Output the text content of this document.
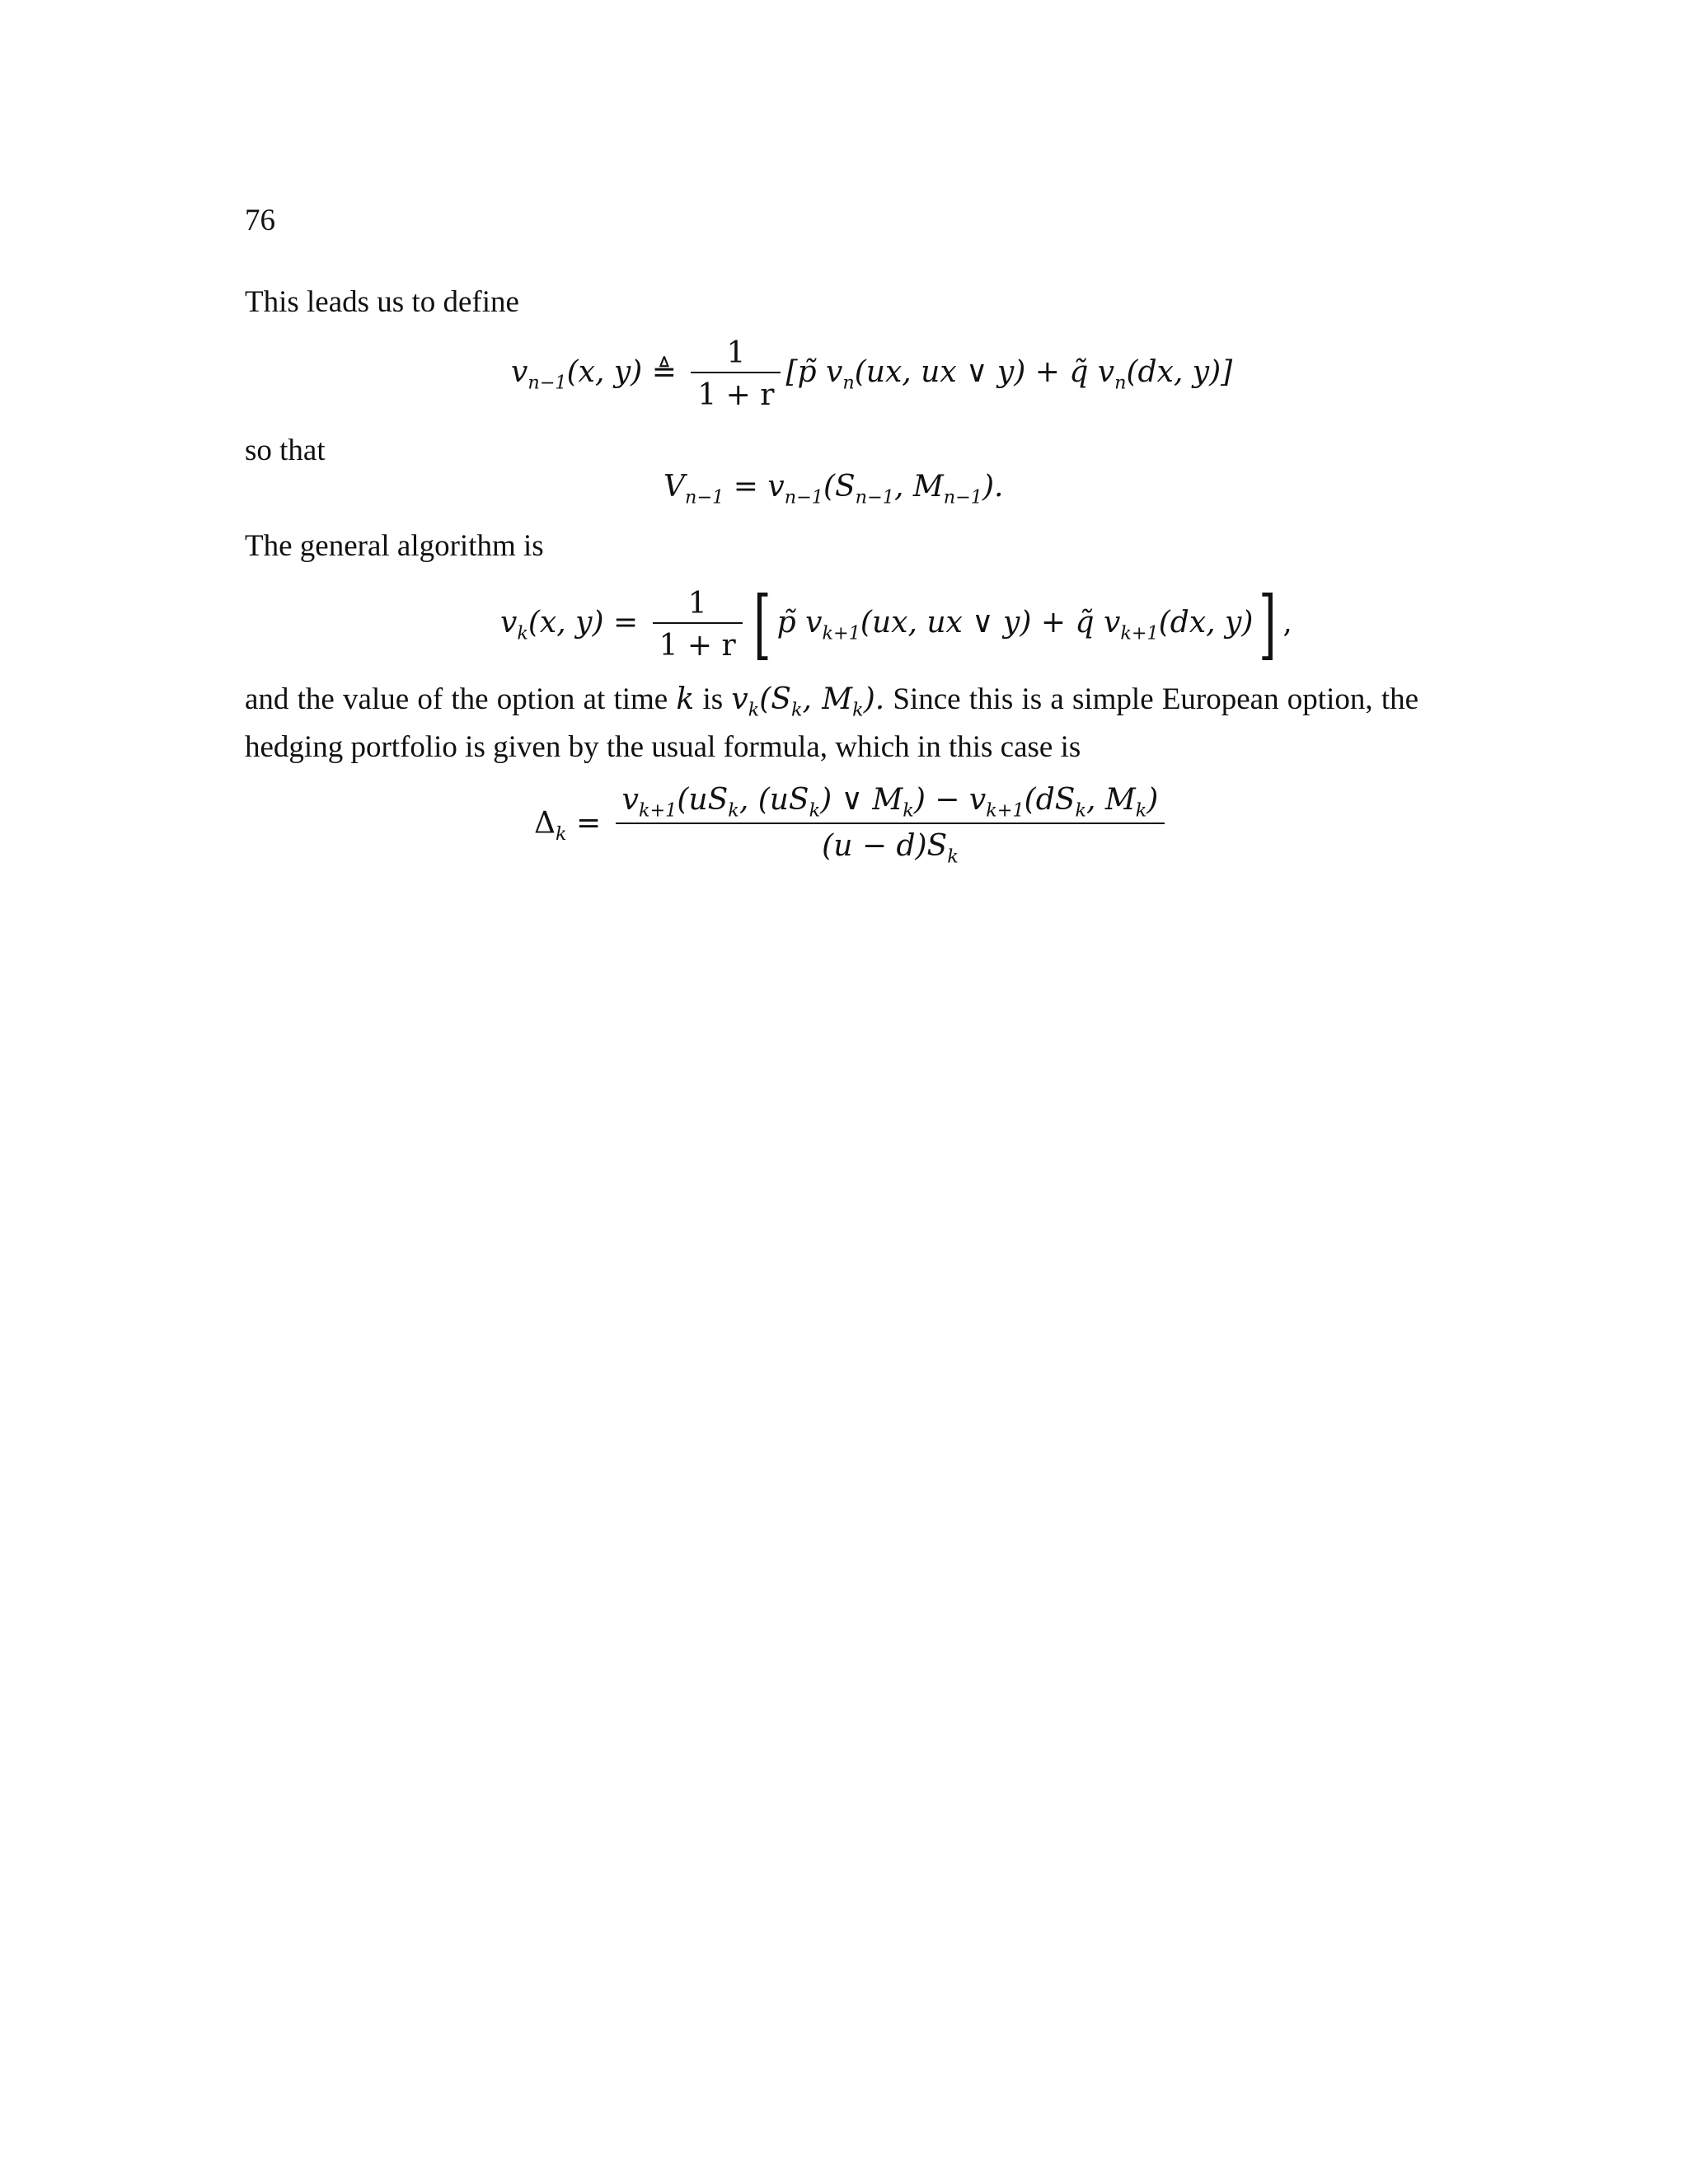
76
This leads us to define
$v_{n-1}(x$, y) ≜ $\frac{1}{1 + r}$ [p̃ $v_n(ux$, ux ∨ y) + q̃ $v_n(dx$, y)]
so that
$V_{n-1} = v_{n-1}(S_{n-1}$, $M_{n-1}$).
The general algorithm is
$v_k(x$, $y) = \frac{1}{1 + r}$ [ p̃ $v_{k+1}(ux$, ux ∨ y) + q̃ $v_{k+1}(dx$, y)] ,
and the value of the option at time k is $v_k(S_k$, $M_k$). Since this is a simple European option, the hedging portfolio is given by the usual formula, which in this case is
$\Delta_k = \frac{v_{k+1}(uS_k, (uS_k) \vee M_k) - v_{k+1}(dS_k, M_k)}{(u - d)S_k}$
